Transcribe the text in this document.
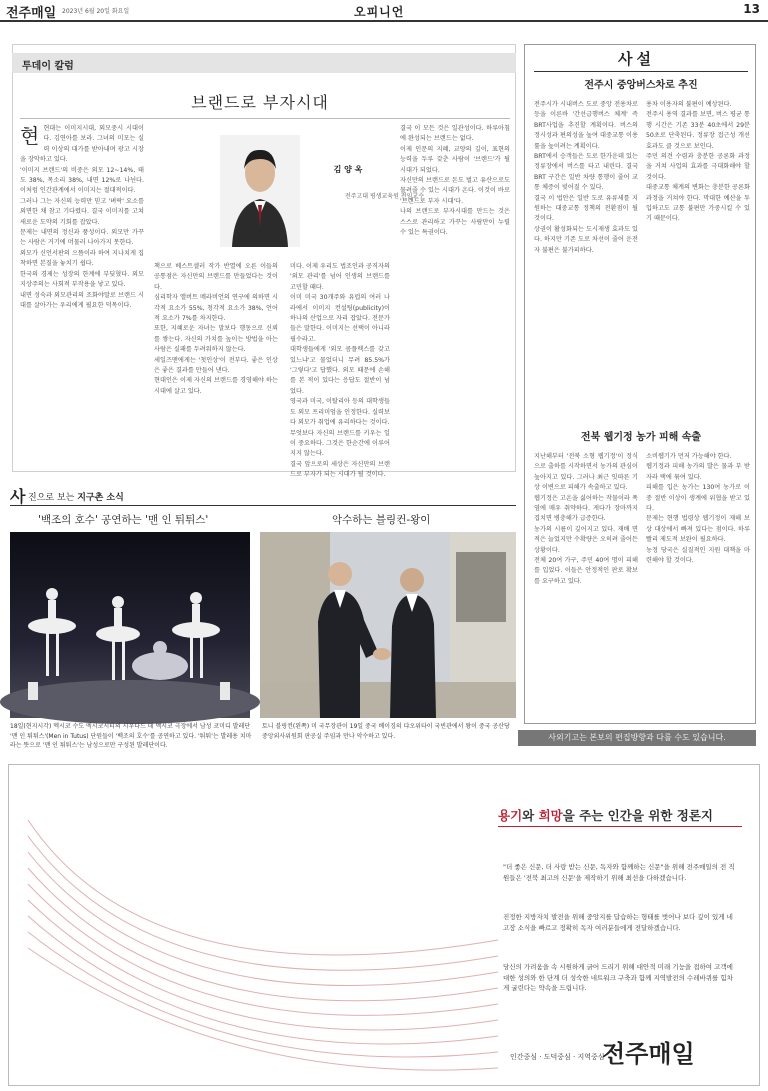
전주매일 2023년 6월 20일 화요일	오피니언	13
투데이 칼럼
브랜드로 부자시대
김 양 옥
전주고대 평생교육원 전임교수
현 현대는 이미지시대, 외모중시 시대이다. 김연아를 보라. 그녀의 미모는 실력 이상의 대가를 받아내며 광고 시장을 장악하고 있다.

'이미지 브랜드'의 비중은 외모 12~14%, 태도 38%, 목소리 38%, 내면 12%로 나뉜다. 이처럼 인간관계에서 이미지는 절대적이다.

그러나 그는 자신의 능력만 믿고 '벼락' 요소를 외면한 채 참고 기다렸다. 결국 이미지를 고쳐 새로운 도약의 기회를 잡았다.

문제는 내면의 정신과 품성이다. 외모만 가꾸는 사람은 거기에 머물러 나아가지 못한다.

외모가 신언서판의 으뜸이라 하여 지나치게 집착하면 본질을 놓치기 쉽다.

한국의 경제는 성장의 한계에 부딪혔다. 외모 지상주의는 사회적 부작용을 낳고 있다.

내면 성숙과 외모관리의 조화야말로 브랜드 시대를 살아가는 우리에게 필요한 덕목이다.

책으로 베스트셀러 작가 반열에 오른 이들의 공통점은 자신만의 브랜드를 만들었다는 것이다.

심리학자 앨버트 메라비언의 연구에 의하면 시각적 요소가 55%, 청각적 요소가 38%, 언어적 요소가 7%를 차지한다.

또한, 지혜로운 자녀는 말보다 행동으로 신뢰를 쌓는다. 자신의 가치를 높이는 방법을 아는 사람은 실패를 두려워하지 않는다.

세일즈맨에게는 '첫인상'이 전부다. 좋은 인상은 좋은 결과를 만들어 낸다.

현대인은 이제 자신의 브랜드를 경영해야 하는 시대에 살고 있다.

미다. 이제 우리도 법조인과 공직자의 '외모 관리'를 넘어 인생의 브랜드를 고민할 때다.

이미 미국 30개주와 유럽의 여러 나라에서 이미지 컨설팅(publicity)이 하나의 산업으로 자리 잡았다. 전문가들은 말한다. 이미지는 선택이 아니라 필수라고.

대학생들에게 '외모 콤플렉스를 갖고 있느냐'고 물었더니 무려 85.5%가 '그렇다'고 답했다. 외모 때문에 손해를 본 적이 있다는 응답도 절반이 넘었다.

영국과 미국, 이탈리아 등의 대학생들도 외모 프리미엄을 인정한다. 실력보다 외모가 취업에 유리하다는 것이다.

무엇보다 자신의 브랜드를 키우는 일이 중요하다. 그것은 한순간에 이루어지지 않는다.

결국 앞으로의 세상은 자신만의 브랜드로 부자가 되는 시대가 될 것이다.

결국 이 모든 것은 일관성이다. 하루아침에 완성되는 브랜드는 없다.

이제 인문의 지혜, 교양의 깊이, 표현의 능력을 두루 갖춘 사람이 '브랜드'가 될 시대가 되었다.

자신만의 브랜드로 돈도 벌고 유산으로도 물려줄 수 있는 시대가 온다. 이것이 바로 '브랜드로 부자 시대'다.

나의 브랜드로 부자시대를 만드는 것은 스스로 관리하고 가꾸는 사람만이 누릴 수 있는 특권이다.

사 진으로 보는 지구촌 소식
'백조의 호수' 공연하는 '맨 인 튀튀스'	악수하는 블링컨-왕이
18일(현지시각) 멕시코 수도 멕시코시티의 시우다드 데 멕시코 극장에서 남성 코미디 발레단 '맨 인 튀튀스'(Men in Tutus) 단원들이 '백조의 호수'를 공연하고 있다. '튀튀'는 발레용 치마라는 뜻으로 '맨 인 튀튀스'는 남성으로만 구성된 발레단이다.
토니 블링컨(왼쪽) 미 국무장관이 19일 중국 베이징의 댜오위타이 국빈관에서 왕이 중국 공산당 중앙외사위원회 판공실 주임과 만나 악수하고 있다.
사설
전주시 중앙버스차로 추진

전주시가 시내버스 도로 중앙 전용차로 등을 이른바 '간선급행버스 체계' 즉 BRT사업을 추진할 계획이다. 버스의 정시성과 편의성을 높여 대중교통 이용률을 높이려는 계획이다.

BRT에서 승객들은 도로 한가운데 있는 정류장에서 버스를 타고 내린다. 결국 BRT 구간은 일반 차량 통행이 줄어 교통 체증이 빚어질 수 있다.

결국 이 법안은 일반 도로 유류세를 지원하는 대중교통 정책의 전환점이 될 것이다.

상권이 활성화되는 도시재생 효과도 있다. 하지만 기존 도로 차선이 줄어 운전자 불편은 불가피하다.

용차 이용자의 불편이 예상된다.

전주시 용역 결과를 보면, 버스 평균 통행 시간은 기존 33분 40초에서 29분 50초로 단축된다. 정류장 접근성 개선 효과도 클 것으로 보인다.

주민 의견 수렴과 충분한 공론화 과정을 거쳐 사업의 효과를 극대화해야 할 것이다.

대중교통 체계의 변화는 충분한 공론화 과정을 거쳐야 한다. 막대한 예산을 투입하고도 교통 불편만 가중시킬 수 있기 때문이다.

전북 웹기정 농가 피해 속출

지난해부터 '전북 소형 웹기정'이 정식으로 출하를 시작하면서 농가의 관심이 높아지고 있다. 그러나 최근 잇따른 기상 이변으로 피해가 속출하고 있다.

웹기정은 고온을 싫어하는 작물이라 폭염에 매우 취약하다. 게다가 장마까지 겹치면 병충해가 급증한다.

농가의 시름이 깊어지고 있다. 재배 면적은 늘었지만 수확량은 오히려 줄어든 상황이다.

전체 20여 가구, 주민 40여 명이 피해를 입었다. 이들은 안정적인 판로 확보를 요구하고 있다.

소비웹기가 먼저 가능해야 한다.

웹기정과 피해 농가의 발은 물과 부 받자라 택에 묶여 있다.

피해를 입은 농가는 130여 농가로 이 중 절반 이상이 생계에 위협을 받고 있다.

문제는 현행 법령상 웹기정이 재해 보상 대상에서 빠져 있다는 점이다. 하루빨리 제도적 보완이 필요하다.

농정 당국은 실질적인 지원 대책을 마련해야 할 것이다.

사외기고는 본보의 편집방향과 다를 수도 있습니다.
용기와 희망을 주는 인간을 위한 정론지
"더 좋은 신문, 더 사랑 받는 신문, 독자와 함께하는 신문"을 위해 전주매일의 전 직원들은 '전북 최고의 신문'을 제작하기 위해 최선을 다하겠습니다.
진정한 지방자치 발전을 위해 중앙지를 답습하는 형태를 벗어나 보다 깊이 있게 네 고장 소식을 빠르고 정확히 독자 여러분들에게 전달하겠습니다.
당신의 가려움을 속 시원하게 긁어 드리기 위해 대안적 미래 기능을 접하여 고객에 대한 성의와 한 단계 더 성숙한 네트워크 구축과 함께 지역발전의 수레바퀴를 힘차게 굴린다는 약속을 드립니다.
인간중심 · 도덕중심 · 지역중심
전주매일
